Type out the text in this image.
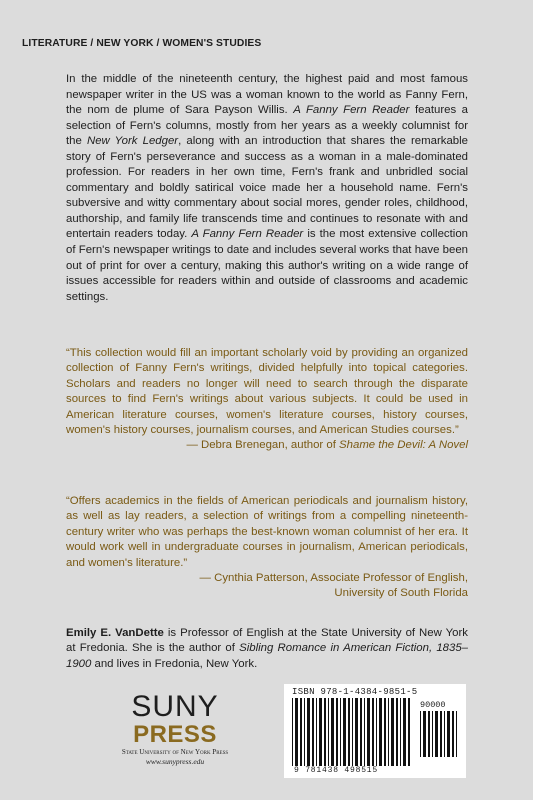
LITERATURE / NEW YORK / WOMEN'S STUDIES
In the middle of the nineteenth century, the highest paid and most famous newspaper writer in the US was a woman known to the world as Fanny Fern, the nom de plume of Sara Payson Willis. A Fanny Fern Reader features a selection of Fern's columns, mostly from her years as a weekly columnist for the New York Ledger, along with an introduction that shares the remarkable story of Fern's perseverance and success as a woman in a male-dominated profession. For readers in her own time, Fern's frank and unbridled social commentary and boldly satirical voice made her a household name. Fern's subversive and witty commentary about social mores, gender roles, childhood, authorship, and family life transcends time and continues to resonate with and entertain readers today. A Fanny Fern Reader is the most extensive collection of Fern's newspaper writings to date and includes several works that have been out of print for over a century, making this author's writing on a wide range of issues accessible for readers within and outside of classrooms and academic settings.
“This collection would fill an important scholarly void by providing an organized collection of Fanny Fern's writings, divided helpfully into topical categories. Scholars and readers no longer will need to search through the disparate sources to find Fern's writings about various subjects. It could be used in American literature courses, women's literature courses, history courses, women's history courses, journalism courses, and American Studies courses.”
— Debra Brenegan, author of Shame the Devil: A Novel
“Offers academics in the fields of American periodicals and journalism history, as well as lay readers, a selection of writings from a compelling nineteenth-century writer who was perhaps the best-known woman columnist of her era. It would work well in undergraduate courses in journalism, American periodicals, and women's literature.”
— Cynthia Patterson, Associate Professor of English,
University of South Florida
Emily E. VanDette is Professor of English at the State University of New York at Fredonia. She is the author of Sibling Romance in American Fiction, 1835–1900 and lives in Fredonia, New York.
SUNY
PRESS
State University of New York Press
www.sunypress.edu
ISBN 978-1-4384-9851-5
90000
9 781438 498515
